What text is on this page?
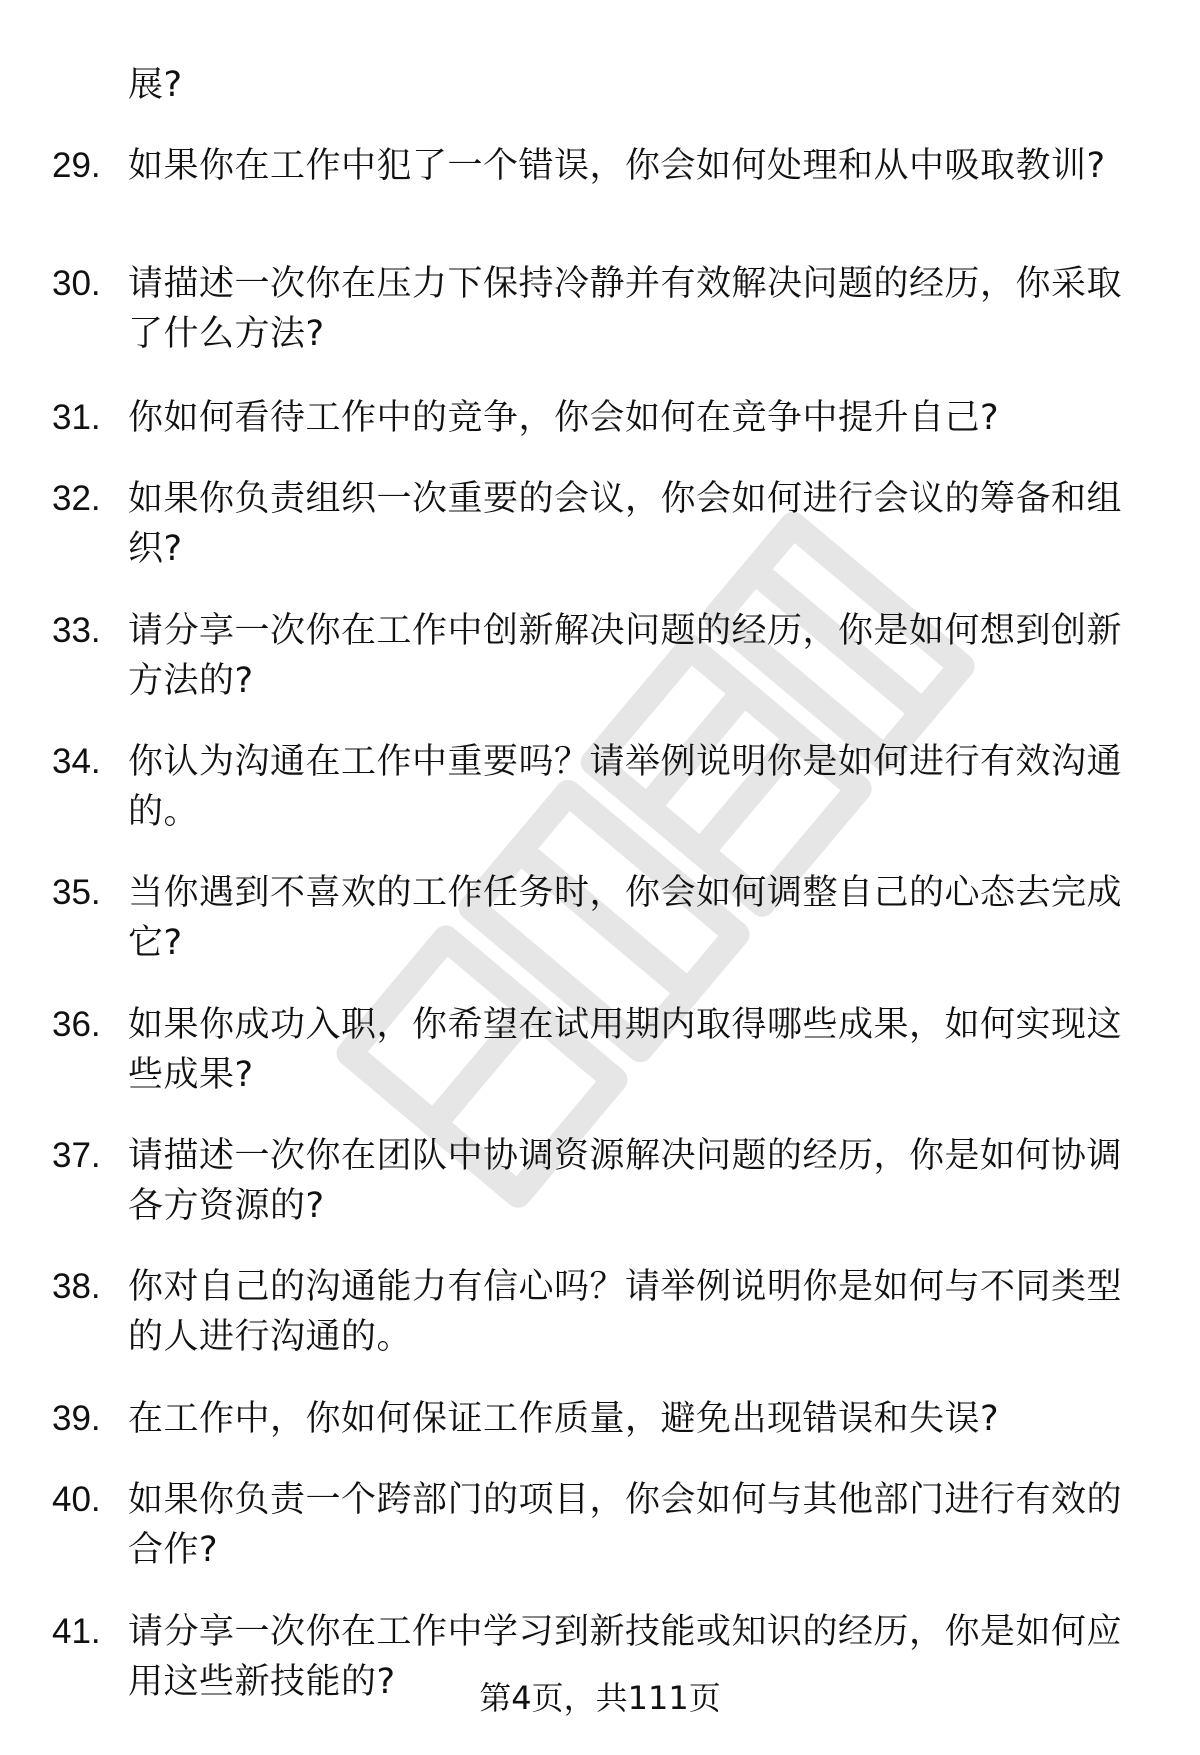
展?
29. 如果你在工作中犯了一个错误，你会如何处理和从中吸取教训?
30. 请描述一次你在压力下保持冷静并有效解决问题的经历，你采取
了什么方法?
31. 你如何看待工作中的竞争，你会如何在竞争中提升自己?
32. 如果你负责组织一次重要的会议，你会如何进行会议的筹备和组
织?
33. 请分享一次你在工作中创新解决问题的经历，你是如何想到创新
方法的?
34. 你认为沟通在工作中重要吗？请举例说明你是如何进行有效沟通
的。
35. 当你遇到不喜欢的工作任务时，你会如何调整自己的心态去完成
它?
36. 如果你成功入职，你希望在试用期内取得哪些成果，如何实现这
些成果?
37. 请描述一次你在团队中协调资源解决问题的经历，你是如何协调
各方资源的?
38. 你对自己的沟通能力有信心吗？请举例说明你是如何与不同类型
的人进行沟通的。
39. 在工作中，你如何保证工作质量，避免出现错误和失误?
40. 如果你负责一个跨部门的项目，你会如何与其他部门进行有效的
合作?
41. 请分享一次你在工作中学习到新技能或知识的经历，你是如何应
用这些新技能的?	第4页，共111页
